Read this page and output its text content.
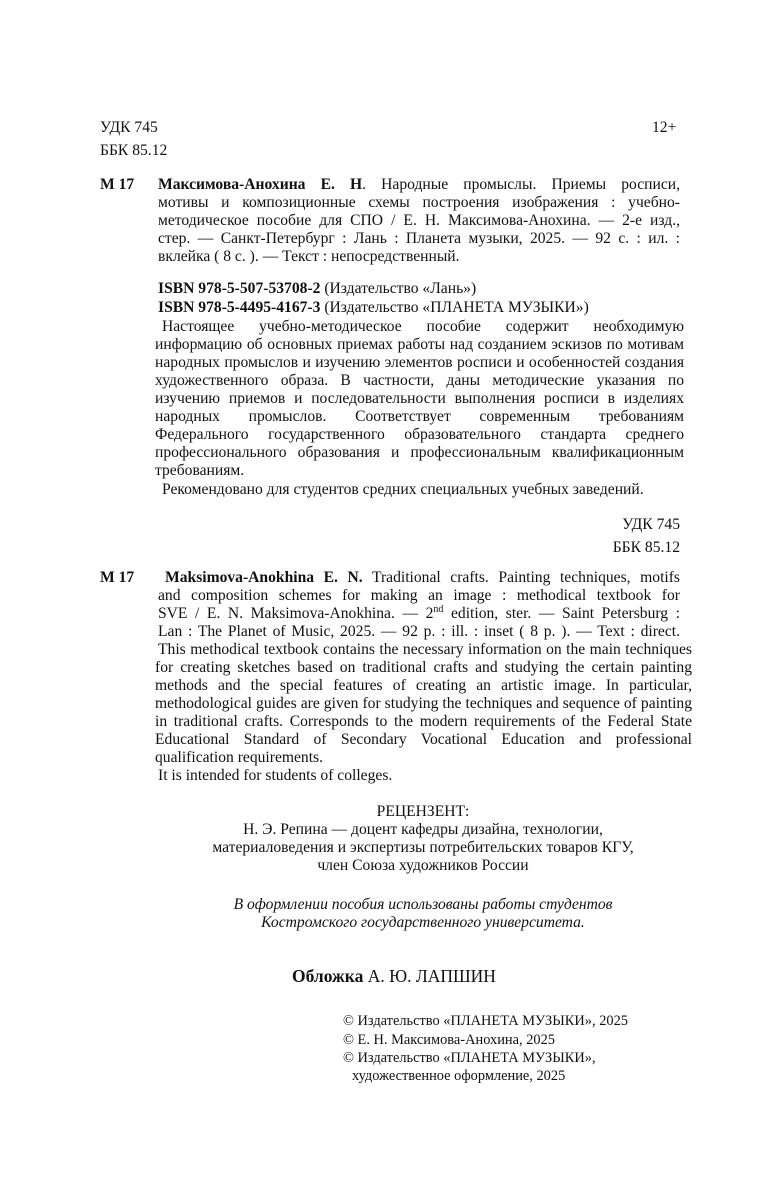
УДК 745
ББК 85.12
12+
М 17 Максимова-Анохина Е. Н. Народные промыслы. Приемы росписи,
мотивы и композиционные схемы построения изображения : учебно-
методическое пособие для СПО / Е. Н. Максимова-Анохина. — 2-е изд.,
стер. — Санкт-Петербург : Лань : Планета музыки, 2025. — 92 с. : ил. :
вклейка ( 8 с. ). — Текст : непосредственный.
ISBN 978-5-507-53708-2 (Издательство «Лань»)
ISBN 978-5-4495-4167-3 (Издательство «ПЛАНЕТА МУЗЫКИ»)
Настоящее учебно-методическое пособие содержит необходимую
информацию об основных приемах работы над созданием эскизов по мотивам
народных промыслов и изучению элементов росписи и особенностей создания
художественного образа. В частности, даны методические указания по
изучению приемов и последовательности выполнения росписи в изделиях
народных промыслов. Соответствует современным требованиям
Федерального государственного образовательного стандарта среднего
профессионального образования и профессиональным квалификационным
требованиям.
Рекомендовано для студентов средних специальных учебных заведений.
УДК 745
ББК 85.12
М 17 Maksimova-Anokhina E. N. Traditional crafts. Painting techniques, motifs
and composition schemes for making an image : methodical textbook for
SVE / E. N. Maksimova-Anokhina. — 2nd edition, ster. — Saint Petersburg :
Lan : The Planet of Music, 2025. — 92 p. : ill. : inset ( 8 p. ). — Text : direct.
This methodical textbook contains the necessary information on the main techniques
for creating sketches based on traditional crafts and studying the certain painting
methods and the special features of creating an artistic image. In particular,
methodological guides are given for studying the techniques and sequence of painting
in traditional crafts. Corresponds to the modern requirements of the Federal State
Educational Standard of Secondary Vocational Education and professional
qualification requirements.
It is intended for students of colleges.
РЕЦЕНЗЕНТ:
Н. Э. Репина — доцент кафедры дизайна, технологии,
материаловедения и экспертизы потребительских товаров КГУ,
член Союза художников России
В оформлении пособия использованы работы студентов
Костромского государственного университета.
Обложка А. Ю. ЛАПШИН
© Издательство «ПЛАНЕТА МУЗЫКИ», 2025
© Е. Н. Максимова-Анохина, 2025
© Издательство «ПЛАНЕТА МУЗЫКИ»,
художественное оформление, 2025
